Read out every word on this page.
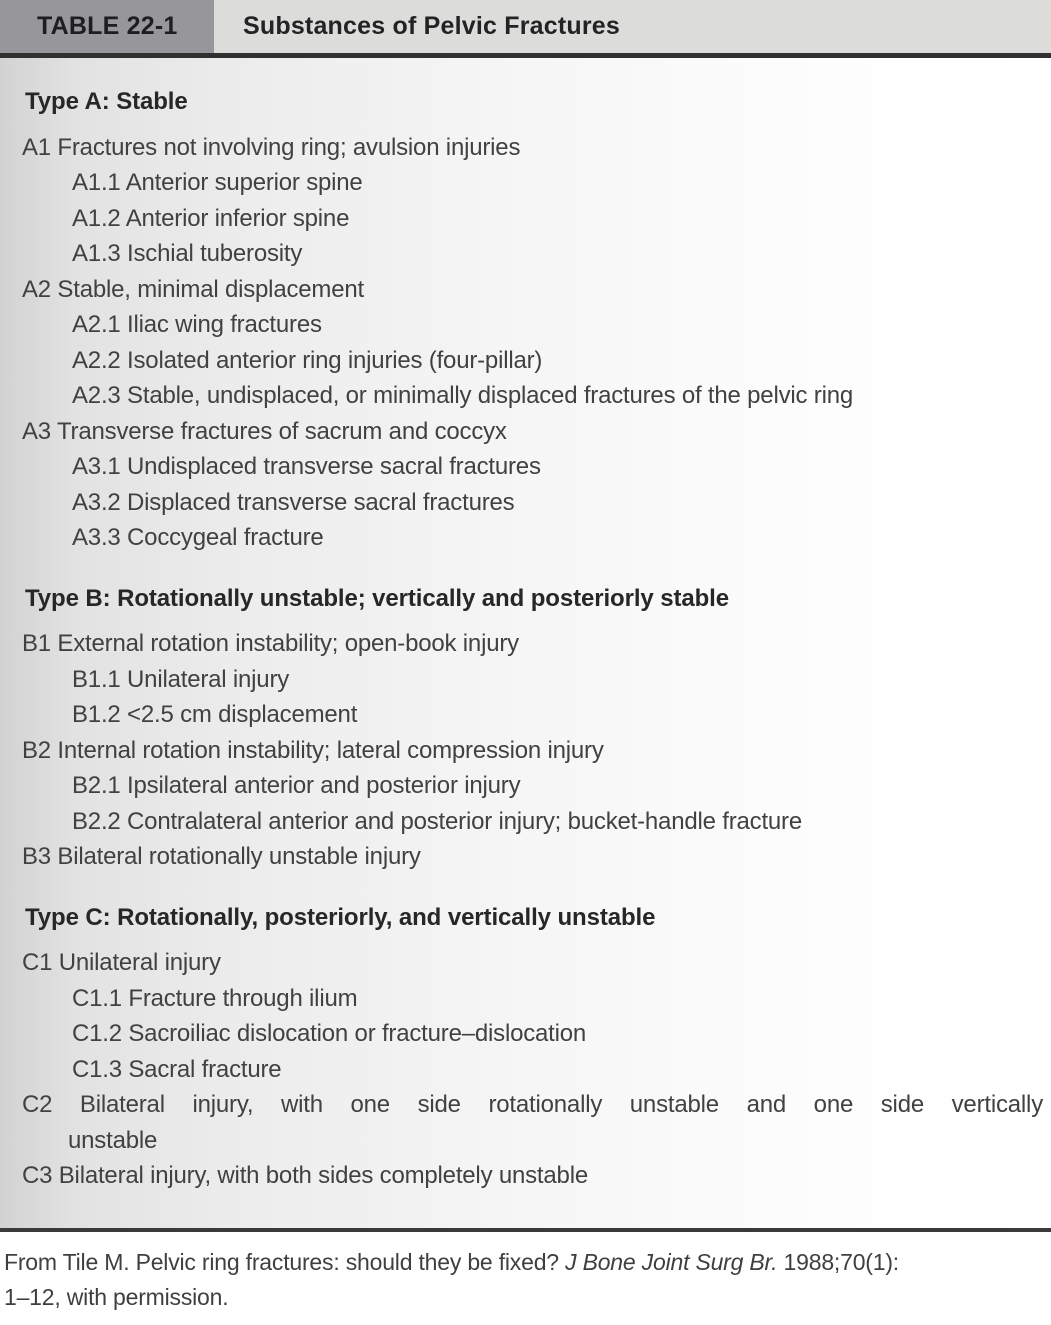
TABLE 22-1	Substances of Pelvic Fractures
Type A: Stable
A1 Fractures not involving ring; avulsion injuries
A1.1 Anterior superior spine
A1.2 Anterior inferior spine
A1.3 Ischial tuberosity
A2 Stable, minimal displacement
A2.1 Iliac wing fractures
A2.2 Isolated anterior ring injuries (four-pillar)
A2.3 Stable, undisplaced, or minimally displaced fractures of the pelvic ring
A3 Transverse fractures of sacrum and coccyx
A3.1 Undisplaced transverse sacral fractures
A3.2 Displaced transverse sacral fractures
A3.3 Coccygeal fracture
Type B: Rotationally unstable; vertically and posteriorly stable
B1 External rotation instability; open-book injury
B1.1 Unilateral injury
B1.2 <2.5 cm displacement
B2 Internal rotation instability; lateral compression injury
B2.1 Ipsilateral anterior and posterior injury
B2.2 Contralateral anterior and posterior injury; bucket-handle fracture
B3 Bilateral rotationally unstable injury
Type C: Rotationally, posteriorly, and vertically unstable
C1 Unilateral injury
C1.1 Fracture through ilium
C1.2 Sacroiliac dislocation or fracture–dislocation
C1.3 Sacral fracture
C2 Bilateral injury, with one side rotationally unstable and one side vertically
unstable
C3 Bilateral injury, with both sides completely unstable
From Tile M. Pelvic ring fractures: should they be fixed? J Bone Joint Surg Br. 1988;70(1):
1–12, with permission.
